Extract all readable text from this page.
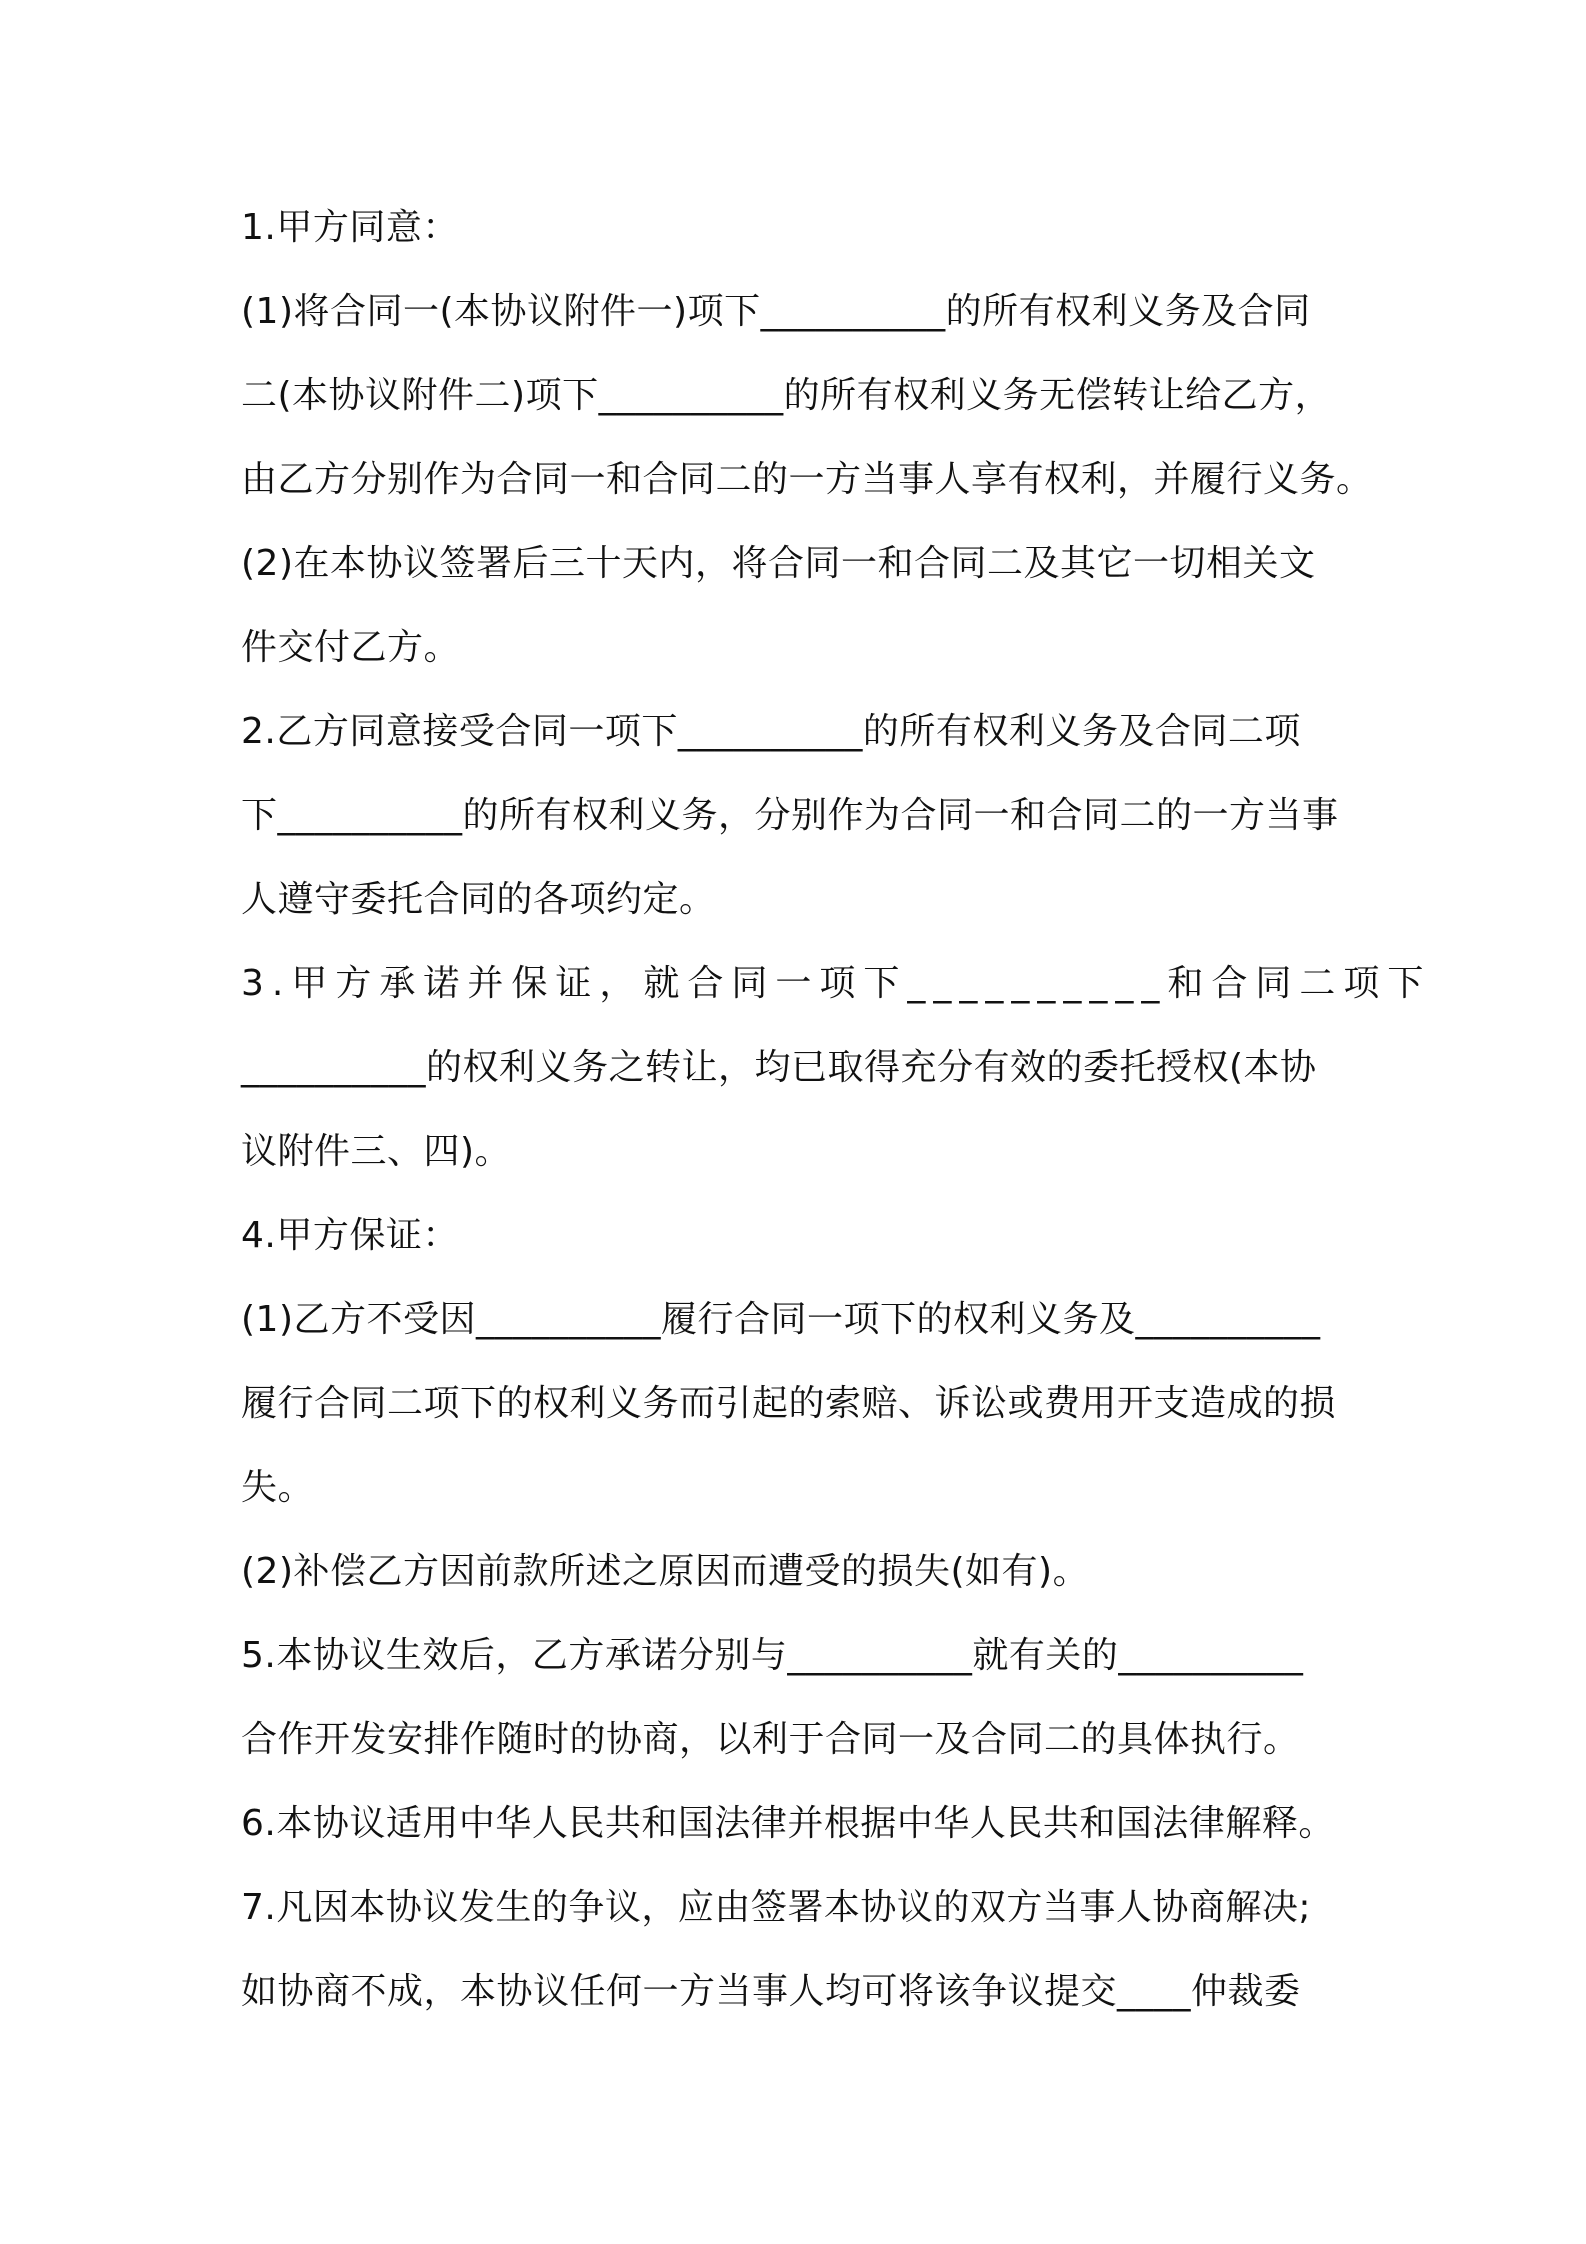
1.甲方同意：
(1)将合同一(本协议附件一)项下__________的所有权利义务及合同
二(本协议附件二)项下__________的所有权利义务无偿转让给乙方，
由乙方分别作为合同一和合同二的一方当事人享有权利，并履行义务。
(2)在本协议签署后三十天内，将合同一和合同二及其它一切相关文
件交付乙方。
2.乙方同意接受合同一项下__________的所有权利义务及合同二项
下__________的所有权利义务，分别作为合同一和合同二的一方当事
人遵守委托合同的各项约定。
3.甲方承诺并保证，就合同一项下__________和合同二项下
__________的权利义务之转让，均已取得充分有效的委托授权(本协
议附件三、四)。
4.甲方保证：
(1)乙方不受因__________履行合同一项下的权利义务及__________
履行合同二项下的权利义务而引起的索赔、诉讼或费用开支造成的损
失。
(2)补偿乙方因前款所述之原因而遭受的损失(如有)。
5.本协议生效后，乙方承诺分别与__________就有关的__________
合作开发安排作随时的协商，以利于合同一及合同二的具体执行。
6.本协议适用中华人民共和国法律并根据中华人民共和国法律解释。
7.凡因本协议发生的争议，应由签署本协议的双方当事人协商解决;
如协商不成，本协议任何一方当事人均可将该争议提交____仲裁委
